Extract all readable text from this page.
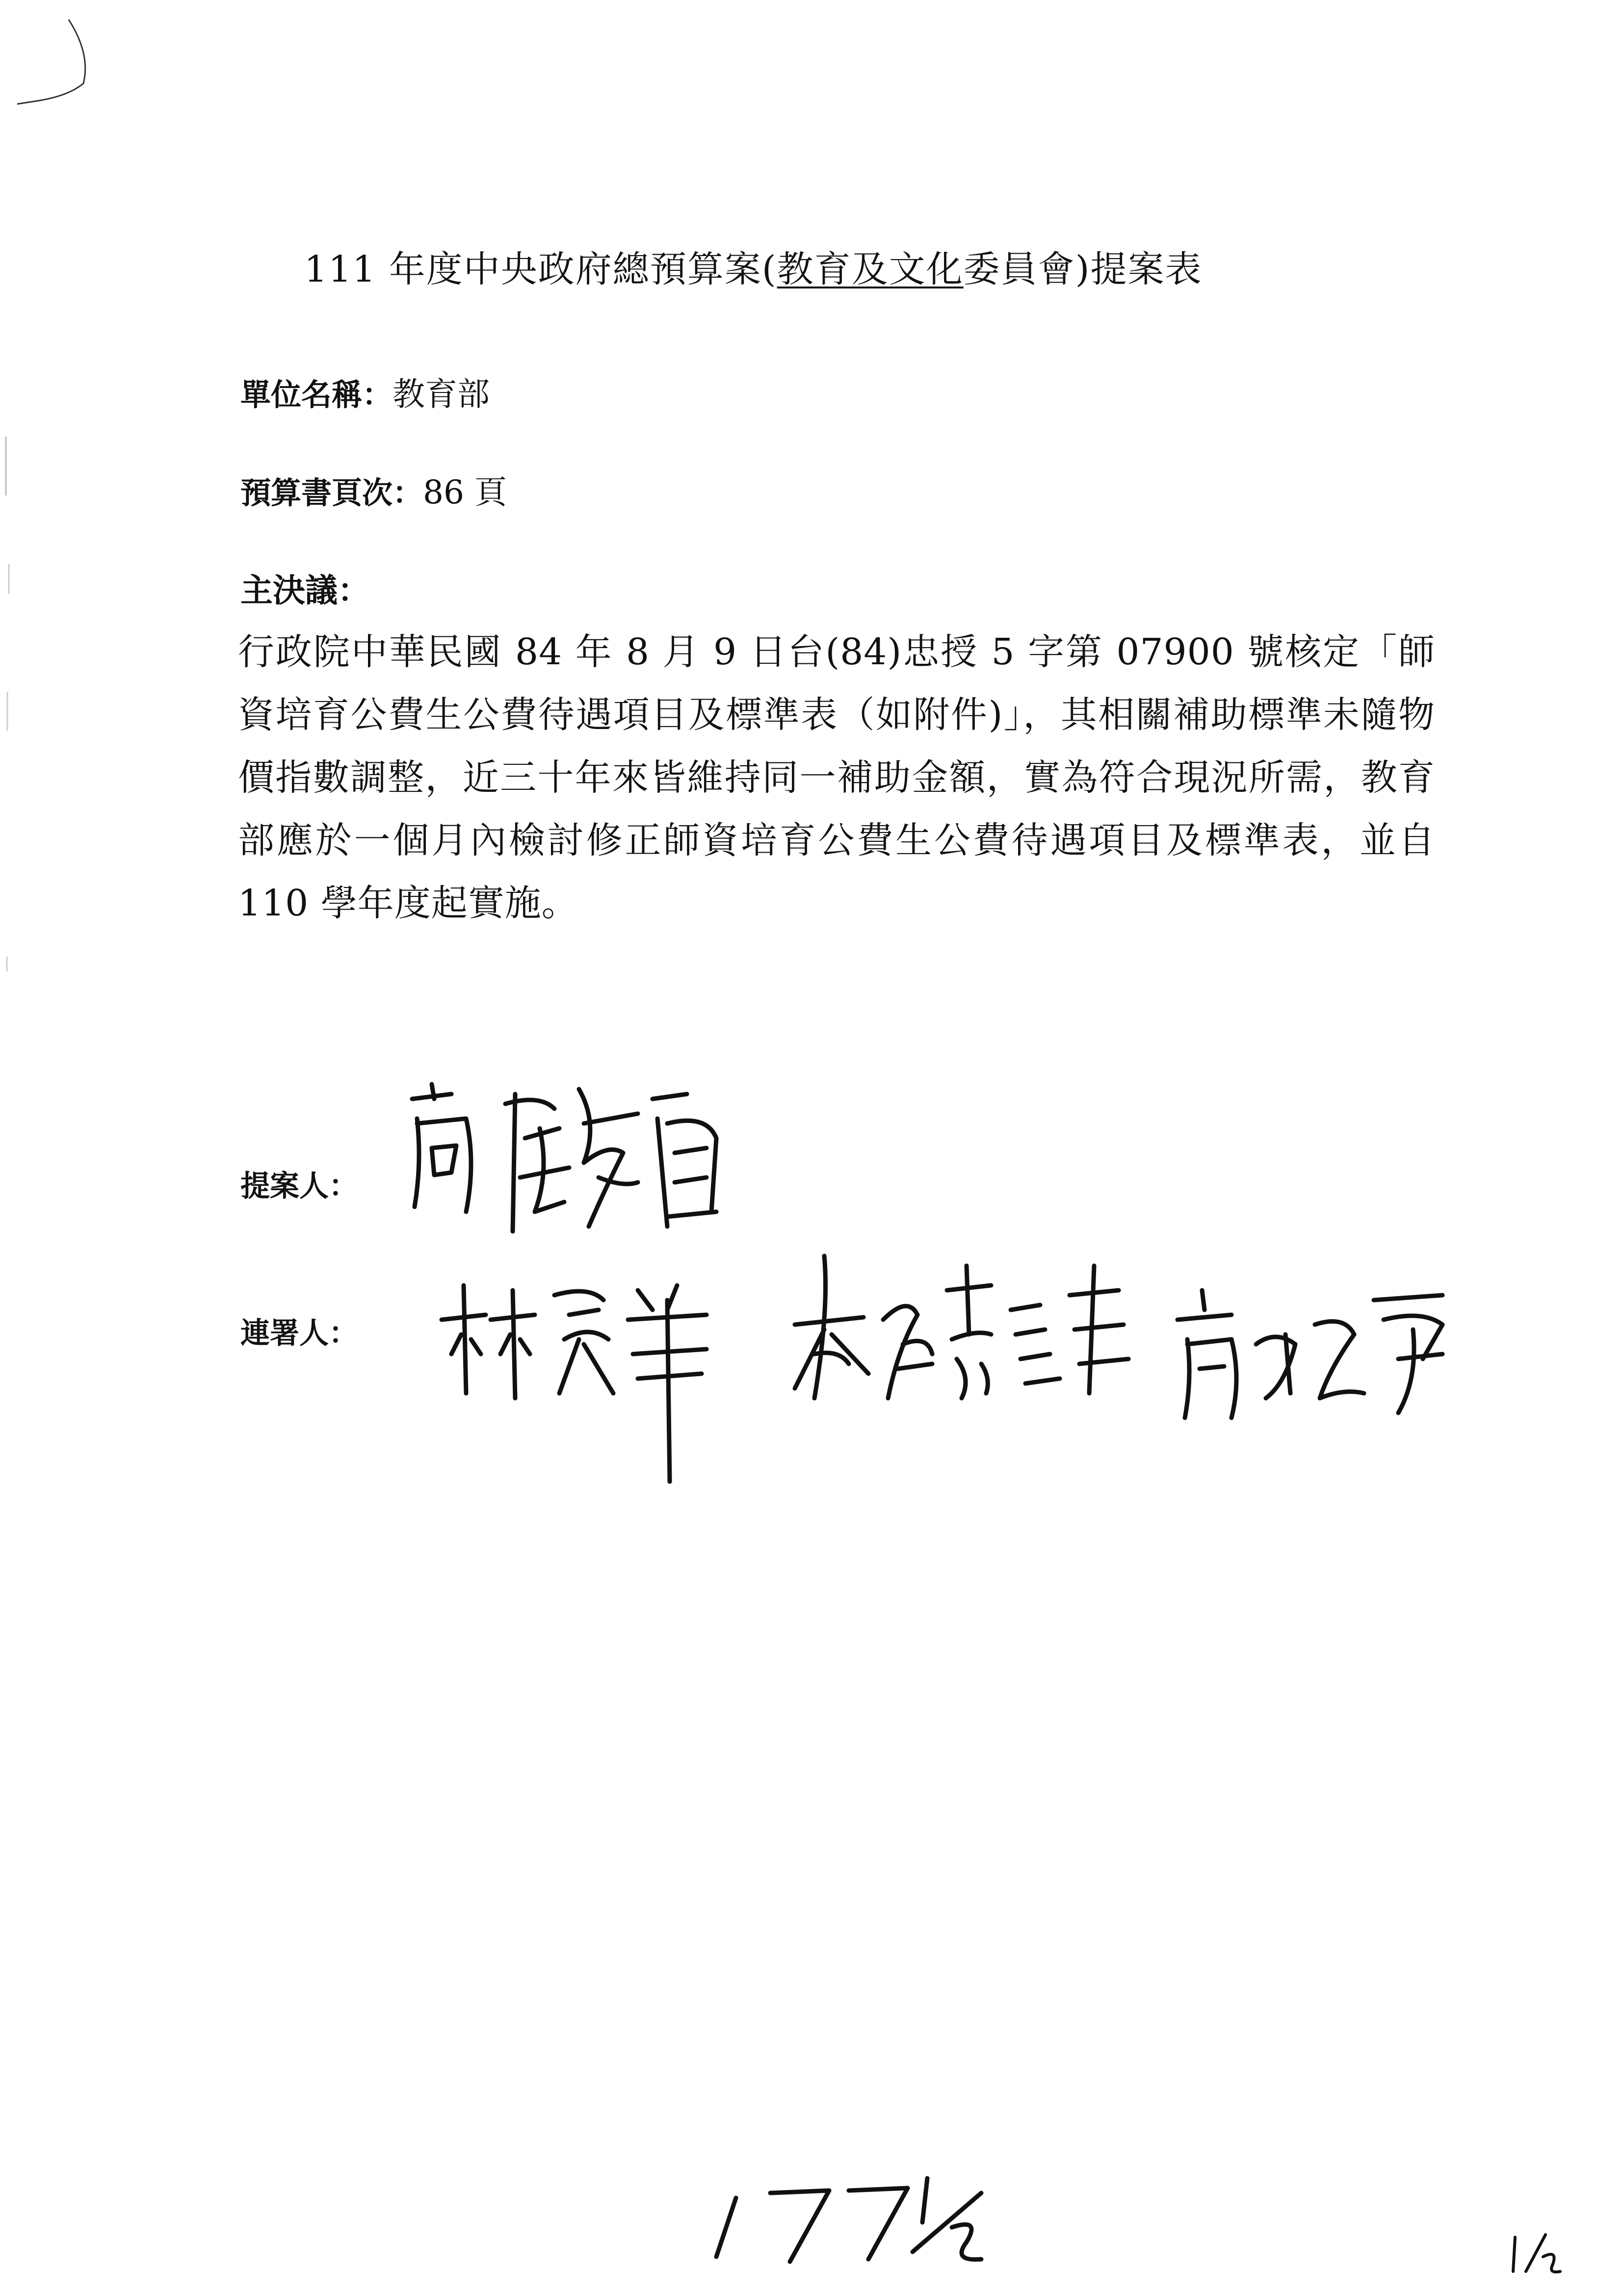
111 年度中央政府總預算案(教育及文化委員會)提案表
單位名稱：教育部
預算書頁次：86 頁
主決議：
行政院中華民國 84 年 8 月 9 日台(84)忠授 5 字第 07900 號核定「師資培育公費生公費待遇項目及標準表（如附件)」，其相關補助標準未隨物價指數調整，近三十年來皆維持同一補助金額，實為符合現況所需，教育部應於一個月內檢討修正師資培育公費生公費待遇項目及標準表，並自 110 學年度起實施。
提案人：
連署人：
